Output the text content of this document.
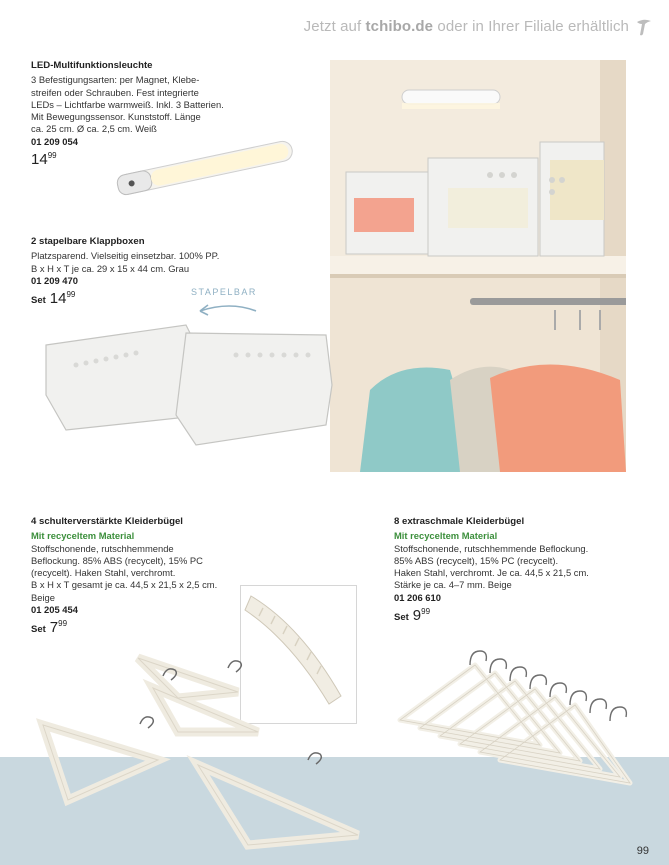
Jetzt auf tchibo.de oder in Ihrer Filiale erhältlich
LED-Multifunktionsleuchte
3 Befestigungsarten: per Magnet, Klebe-
streifen oder Schrauben. Fest integrierte
LEDs – Lichtfarbe warmweiß. Inkl. 3 Batterien.
Mit Bewegungssensor. Kunststoff. Länge
ca. 25 cm. Ø ca. 2,5 cm. Weiß
01 209 054
$14^{99}$
2 stapelbare Klappboxen
Platzsparend. Vielseitig einsetzbar. 100% PP.
B x H x T je ca. 29 x 15 x 44 cm. Grau
01 209 470
Set $14^{99}$	STAPELBAR
4 schulterverstärkte Kleiderbügel
Mit recyceltem Material
Stoffschonende, rutschhemmende
Beflockung. 85% ABS (recycelt), 15% PC
(recycelt). Haken Stahl, verchromt.
B x H x T gesamt je ca. 44,5 x 21,5 x 2,5 cm.
Beige
01 205 454
Set $7^{99}$
8 extraschmale Kleiderbügel
Mit recyceltem Material
Stoffschonende, rutschhemmende Beflockung.
85% ABS (recycelt), 15% PC (recycelt).
Haken Stahl, verchromt. Je ca. 44,5 x 21,5 cm.
Stärke je ca. 4–7 mm. Beige
01 206 610
Set $9^{99}$
99
